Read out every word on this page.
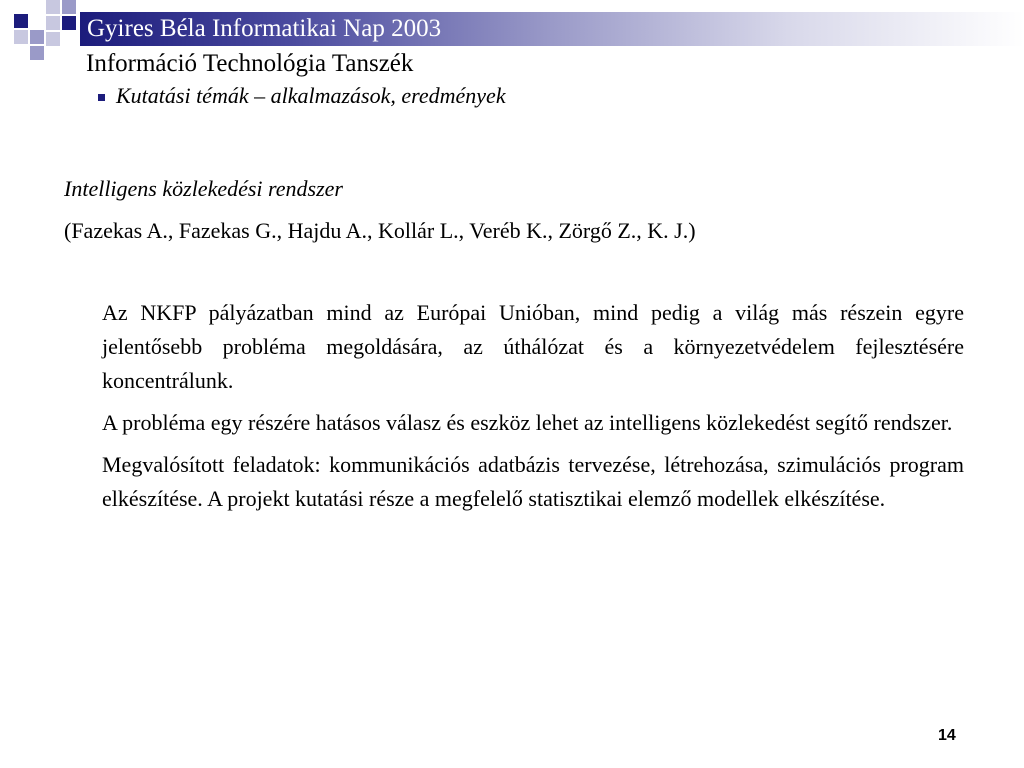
Gyires Béla Informatikai Nap 2003
Információ Technológia Tanszék
Kutatási témák – alkalmazások, eredmények
Intelligens közlekedési rendszer
(Fazekas A., Fazekas G., Hajdu A., Kollár L., Veréb K., Zörgő Z., K. J.)

Az NKFP pályázatban mind az Európai Unióban, mind pedig a világ más részein egyre jelentősebb probléma megoldására, az úthálózat és a környezetvédelem fejlesztésére koncentrálunk.

A probléma egy részére hatásos válasz és eszköz lehet az intelligens közlekedést segítő rendszer.

Megvalósított feladatok: kommunikációs adatbázis tervezése, létrehozása, szimulációs program elkészítése. A projekt kutatási része a megfelelő statisztikai elemző modellek elkészítése.

14
